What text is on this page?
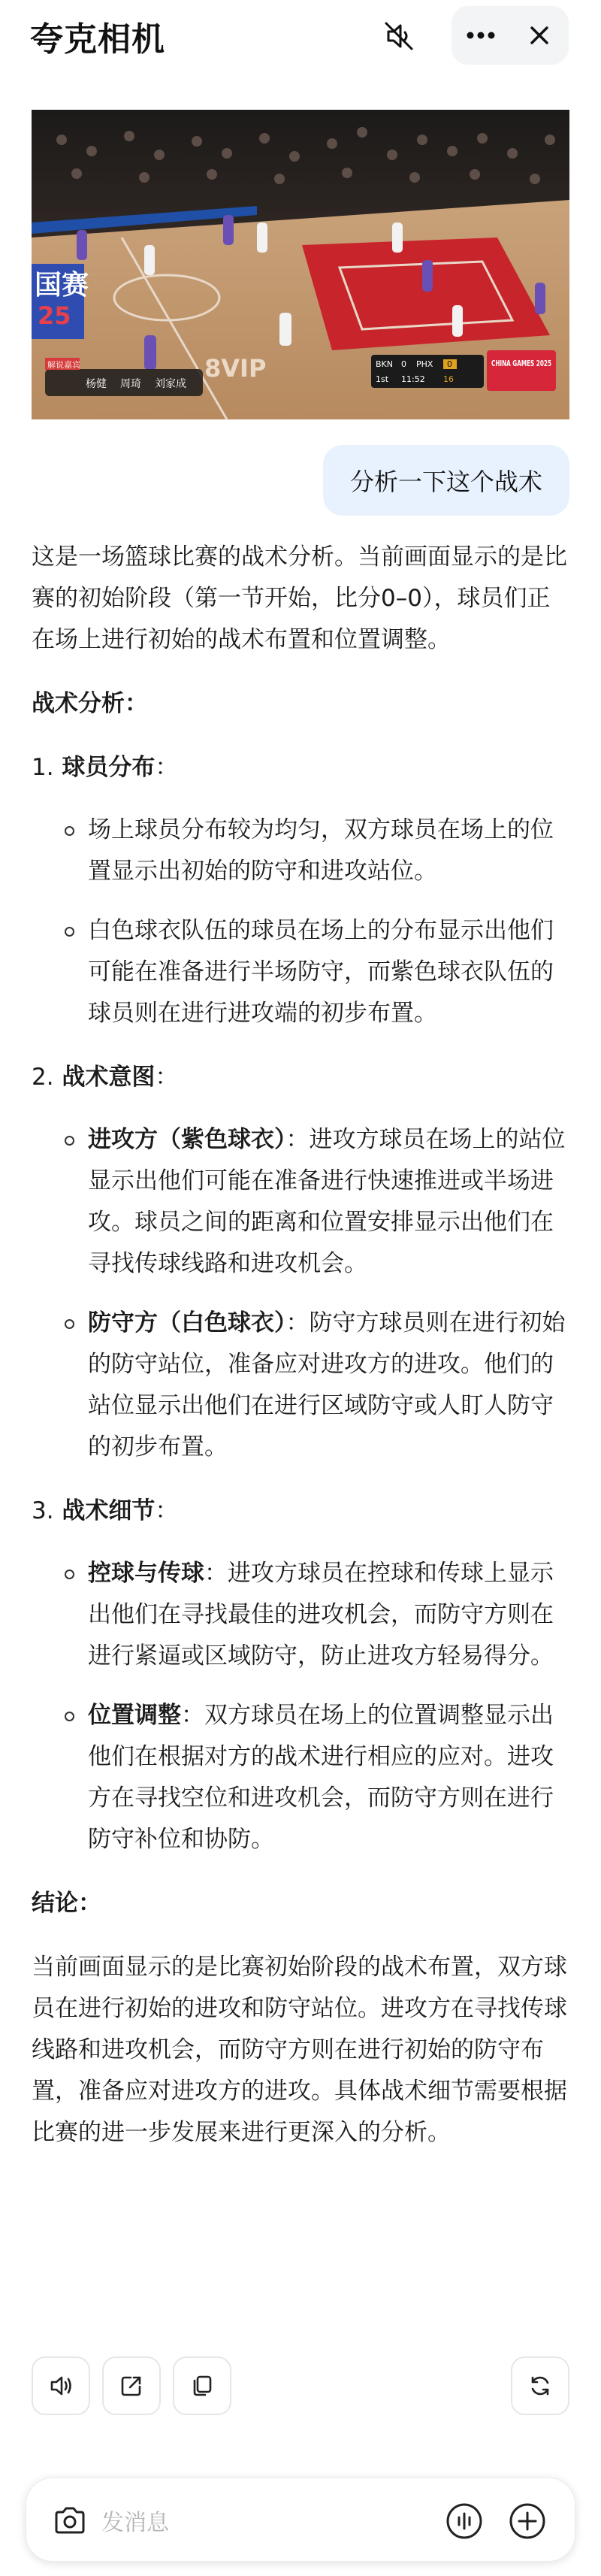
夸克相机
国赛
25
8VIP
解说嘉宾
杨健 周琦 刘家成
BKN 0 PHX 0
1st 11:52 16
CHINA GAMES 2025
分析一下这个战术

这是一场篮球比赛的战术分析。当前画面显示的是比赛的初始阶段（第一节开始，比分0–0），球员们正在场上进行初始的战术布置和位置调整。

战术分析：

1. 球员分布：

场上球员分布较为均匀，双方球员在场上的位置显示出初始的防守和进攻站位。
白色球衣队伍的球员在场上的分布显示出他们可能在准备进行半场防守，而紫色球衣队伍的球员则在进行进攻端的初步布置。

2. 战术意图：

进攻方（紫色球衣）：进攻方球员在场上的站位显示出他们可能在准备进行快速推进或半场进攻。球员之间的距离和位置安排显示出他们在寻找传球线路和进攻机会。
防守方（白色球衣）：防守方球员则在进行初始的防守站位，准备应对进攻方的进攻。他们的站位显示出他们在进行区域防守或人盯人防守的初步布置。

3. 战术细节：

控球与传球：进攻方球员在控球和传球上显示出他们在寻找最佳的进攻机会，而防守方则在进行紧逼或区域防守，防止进攻方轻易得分。
位置调整：双方球员在场上的位置调整显示出他们在根据对方的战术进行相应的应对。进攻方在寻找空位和进攻机会，而防守方则在进行防守补位和协防。

结论：

当前画面显示的是比赛初始阶段的战术布置，双方球员在进行初始的进攻和防守站位。进攻方在寻找传球线路和进攻机会，而防守方则在进行初始的防守布置，准备应对进攻方的进攻。具体战术细节需要根据比赛的进一步发展来进行更深入的分析。

发消息
